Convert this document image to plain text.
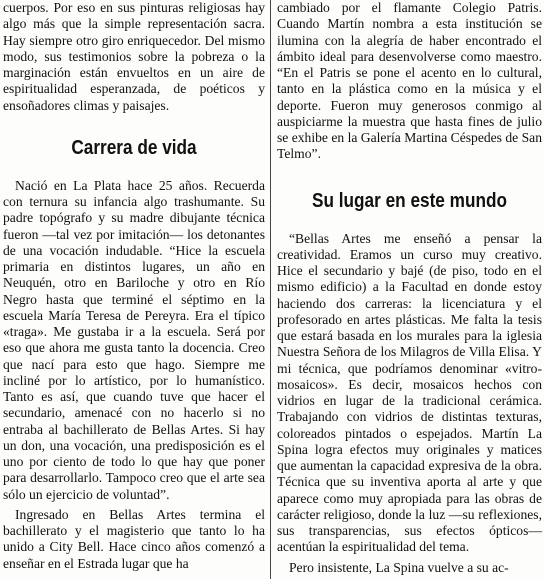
cuerpos. Por eso en sus pinturas religiosas hay algo más que la simple representación sacra. Hay siempre otro giro enriquecedor. Del mismo modo, sus testimonios sobre la pobreza o la marginación están envueltos en un aire de espiritualidad esperanzada, de poéticos y ensoñadores climas y paisajes.

Carrera de vida

Nació en La Plata hace 25 años. Recuerda con ternura su infancia algo trashumante. Su padre topógrafo y su madre dibujante técnica fueron —tal vez por imitación— los detonantes de una vocación indudable. “Hice la escuela primaria en distintos lugares, un año en Neuquén, otro en Bariloche y otro en Río Negro hasta que terminé el séptimo en la escuela María Teresa de Pereyra. Era el típico «traga». Me gustaba ir a la escuela. Será por eso que ahora me gusta tanto la docencia. Creo que nací para esto que hago. Siempre me incliné por lo artístico, por lo humanístico. Tanto es así, que cuando tuve que hacer el secundario, amenacé con no hacerlo si no entraba al bachillerato de Bellas Artes. Si hay un don, una vocación, una predisposición es el uno por ciento de todo lo que hay que poner para desarrollarlo. Tampoco creo que el arte sea sólo un ejercicio de voluntad”.

Ingresado en Bellas Artes termina el bachillerato y el magisterio que tanto lo ha unido a City Bell. Hace cinco años comenzó a enseñar en el Estrada lugar que ha

cambiado por el flamante Colegio Patris. Cuando Martín nombra a esta institución se ilumina con la alegría de haber encontrado el ámbito ideal para desenvolverse como maestro. “En el Patris se pone el acento en lo cultural, tanto en la plástica como en la música y el deporte. Fueron muy generosos conmigo al auspiciarme la muestra que hasta fines de julio se exhibe en la Galería Martina Céspedes de San Telmo”.

Su lugar en este mundo

“Bellas Artes me enseñó a pensar la creatividad. Eramos un curso muy creativo. Hice el secundario y bajé (de piso, todo en el mismo edificio) a la Facultad en donde estoy haciendo dos carreras: la licenciatura y el profesorado en artes plásticas. Me falta la tesis que estará basada en los murales para la iglesia Nuestra Señora de los Milagros de Villa Elisa. Y mi técnica, que podríamos denominar «vitro-mosaicos». Es decir, mosaicos hechos con vidrios en lugar de la tradicional cerámica. Trabajando con vidrios de distintas texturas, coloreados pintados o espejados. Martín La Spina logra efectos muy originales y matices que aumentan la capacidad expresiva de la obra. Técnica que su inventiva aporta al arte y que aparece como muy apropiada para las obras de carácter religioso, donde la luz —su reflexiones, sus transparencias, sus efectos ópticos— acentúan la espiritualidad del tema.

Pero insistente, La Spina vuelve a su ac-
